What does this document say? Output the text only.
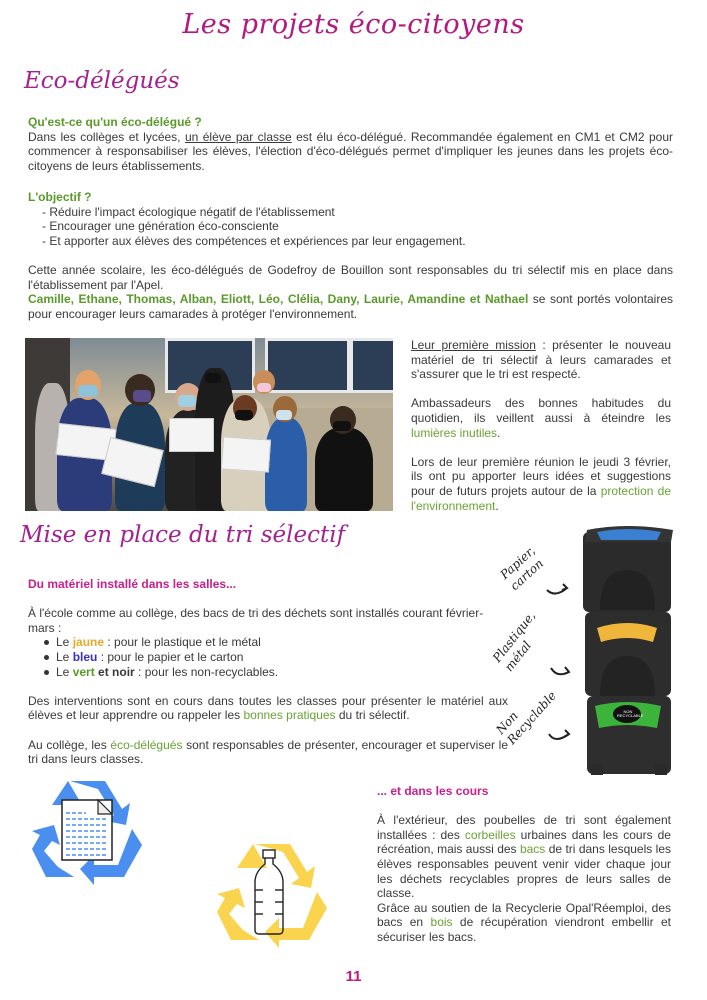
Les projets éco-citoyens
Eco-délégués
Qu'est-ce qu'un éco-délégué ?
Dans les collèges et lycées, un élève par classe est élu éco-délégué. Recommandée également en CM1 et CM2 pour commencer à responsabiliser les élèves, l'élection d'éco-délégués permet d'impliquer les jeunes dans les projets éco-citoyens de leurs établissements.
L'objectif ?
- Réduire l'impact écologique négatif de l'établissement
- Encourager une génération éco-consciente
- Et apporter aux élèves des compétences et expériences par leur engagement.
Cette année scolaire, les éco-délégués de Godefroy de Bouillon sont responsables du tri sélectif mis en place dans l'établissement par l'Apel.
Camille, Ethane, Thomas, Alban, Eliott, Léo, Clélia, Dany, Laurie, Amandine et Nathael se sont portés volontaires pour encourager leurs camarades à protéger l'environnement.
Leur première mission : présenter le nouveau matériel de tri sélectif à leurs camarades et s'assurer que le tri est respecté.
Ambassadeurs des bonnes habitudes du quotidien, ils veillent aussi à éteindre les lumières inutiles.
Lors de leur première réunion le jeudi 3 février, ils ont pu apporter leurs idées et suggestions pour de futurs projets autour de la protection de l'environnement.
Mise en place du tri sélectif
Du matériel installé dans les salles...
À l'école comme au collège, des bacs de tri des déchets sont installés courant février-mars :
Le jaune : pour le plastique et le métal
Le bleu : pour le papier et le carton
Le vert et noir : pour les non-recyclables.
Des interventions sont en cours dans toutes les classes pour présenter le matériel aux élèves et leur apprendre ou rappeler les bonnes pratiques du tri sélectif.
Au collège, les éco-délégués sont responsables de présenter, encourager et superviser le tri dans leurs classes.
NON RECYCLABLE
Papier, carton
Plastique, métal
Non Recyclable
... et dans les cours
À l'extérieur, des poubelles de tri sont également installées : des corbeilles urbaines dans les cours de récréation, mais aussi des bacs de tri dans lesquels les élèves responsables peuvent venir vider chaque jour les déchets recyclables propres de leurs salles de classe.
Grâce au soutien de la Recyclerie Opal'Réemploi, des bacs en bois de récupération viendront embellir et sécuriser les bacs.
11
